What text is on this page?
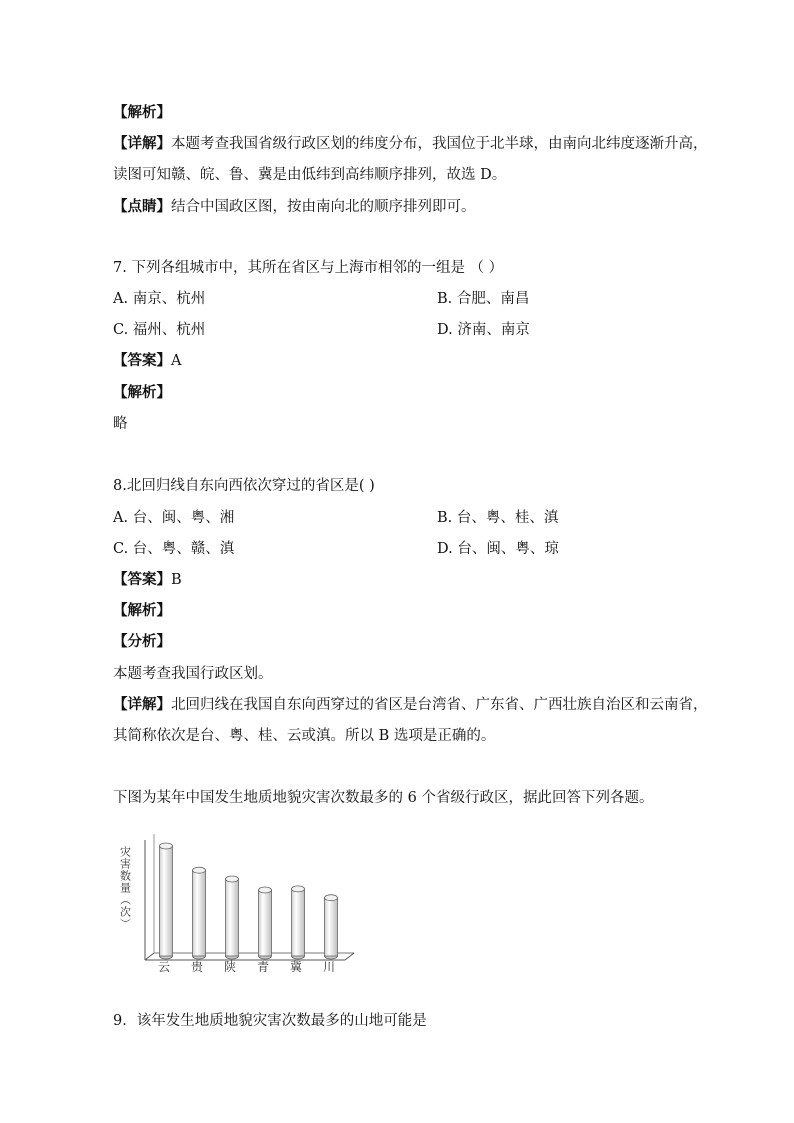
【解析】
【详解】本题考查我国省级行政区划的纬度分布，我国位于北半球，由南向北纬度逐渐升高，
读图可知赣、皖、鲁、冀是由低纬到高纬顺序排列，故选 D。
【点睛】结合中国政区图，按由南向北的顺序排列即可。
7. 下列各组城市中，其所在省区与上海市相邻的一组是 （ ）
A. 南京、杭州	B. 合肥、南昌
C. 福州、杭州	D. 济南、南京
【答案】A
【解析】
略
8.北回归线自东向西依次穿过的省区是( )
A. 台、闽、粤、湘	B. 台、粤、桂、滇
C. 台、粤、赣、滇	D. 台、闽、粤、琼
【答案】B
【解析】
【分析】
本题考查我国行政区划。
【详解】北回归线在我国自东向西穿过的省区是台湾省、广东省、广西壮族自治区和云南省，
其简称依次是台、粤、桂、云或滇。所以 B 选项是正确的。
下图为某年中国发生地质地貌灾害次数最多的 6 个省级行政区，据此回答下列各题。
灾害数量（次）
云 贵 陕 青 冀 川
9．该年发生地质地貌灾害次数最多的山地可能是
